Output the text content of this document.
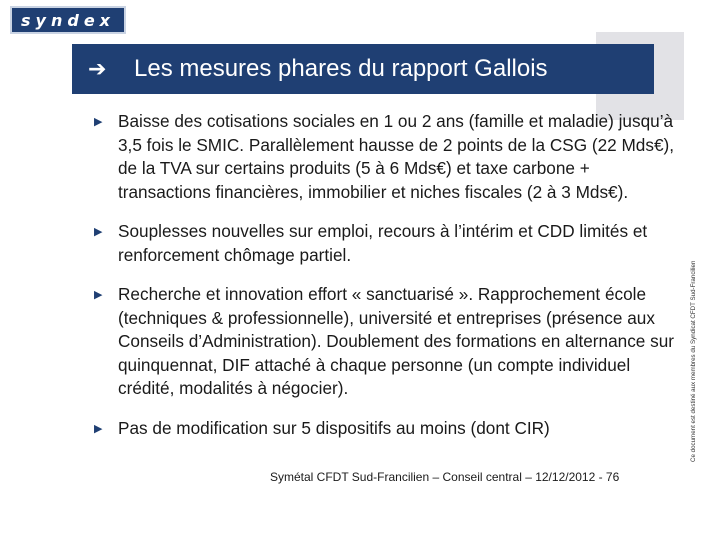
syndex
➔	Les mesures phares du rapport Gallois
▶ Baisse des cotisations sociales en 1 ou 2 ans (famille et maladie) jusqu’à 3,5 fois le SMIC. Parallèlement hausse de 2 points de la CSG (22 Mds€), de la TVA sur certains produits (5 à 6 Mds€) et taxe carbone + transactions financières, immobilier et niches fiscales (2 à 3 Mds€).
▶ Souplesses nouvelles sur emploi, recours à l’intérim et CDD limités et renforcement chômage partiel.
▶ Recherche et innovation effort « sanctuarisé ». Rapprochement école (techniques & professionnelle), université et entreprises (présence aux Conseils d’Administration). Doublement des formations en alternance sur quinquennat, DIF attaché à chaque personne (un compte individuel crédité, modalités à négocier).
▶ Pas de modification sur 5 dispositifs au moins (dont CIR)	Ce document est destiné aux membres du Syndicat CFDT Sud-Francilien
Symétal CFDT Sud-Francilien – Conseil central – 12/12/2012 - 76
